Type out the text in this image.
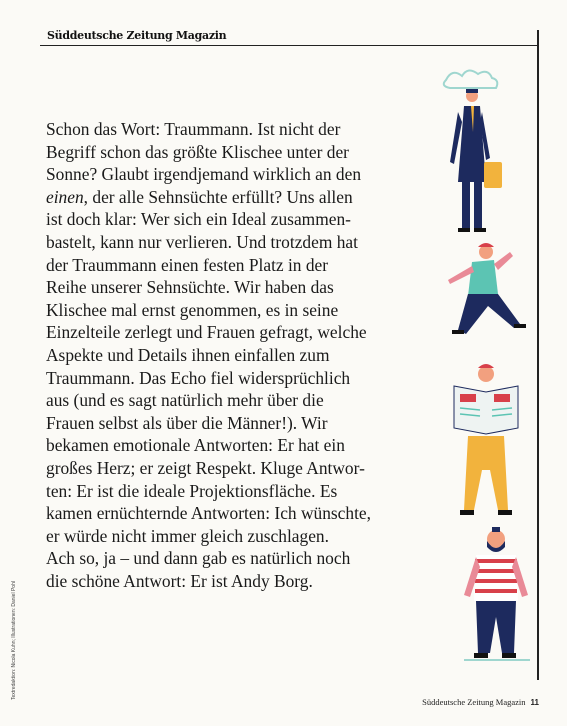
Süddeutsche Zeitung Magazin
Schon das Wort: Traummann. Ist nicht der
Begriff schon das größte Klischee unter der
Sonne? Glaubt irgendjemand wirklich an den
einen, der alle Sehnsüchte erfüllt? Uns allen
ist doch klar: Wer sich ein Ideal zusammen-
bastelt, kann nur verlieren. Und trotzdem hat
der Traummann einen festen Platz in der
Reihe unserer Sehnsüchte. Wir haben das
Klischee mal ernst genommen, es in seine
Einzelteile zerlegt und Frauen gefragt, welche
Aspekte und Details ihnen einfallen zum
Traummann. Das Echo fiel widersprüchlich
aus (und es sagt natürlich mehr über die
Frauen selbst als über die Männer!). Wir
bekamen emotionale Antworten: Er hat ein
großes Herz; er zeigt Respekt. Kluge Antwor-
ten: Er ist die ideale Projektionsfläche. Es
kamen ernüchternde Antworten: Ich wünschte,
er würde nicht immer gleich zuschlagen.
Ach so, ja – und dann gab es natürlich noch
die schöne Antwort: Er ist Andy Borg.
Textredaktion: Nicola Kuhn; Illustrationen: Daniel Pohl
Süddeutsche Zeitung Magazin 11
